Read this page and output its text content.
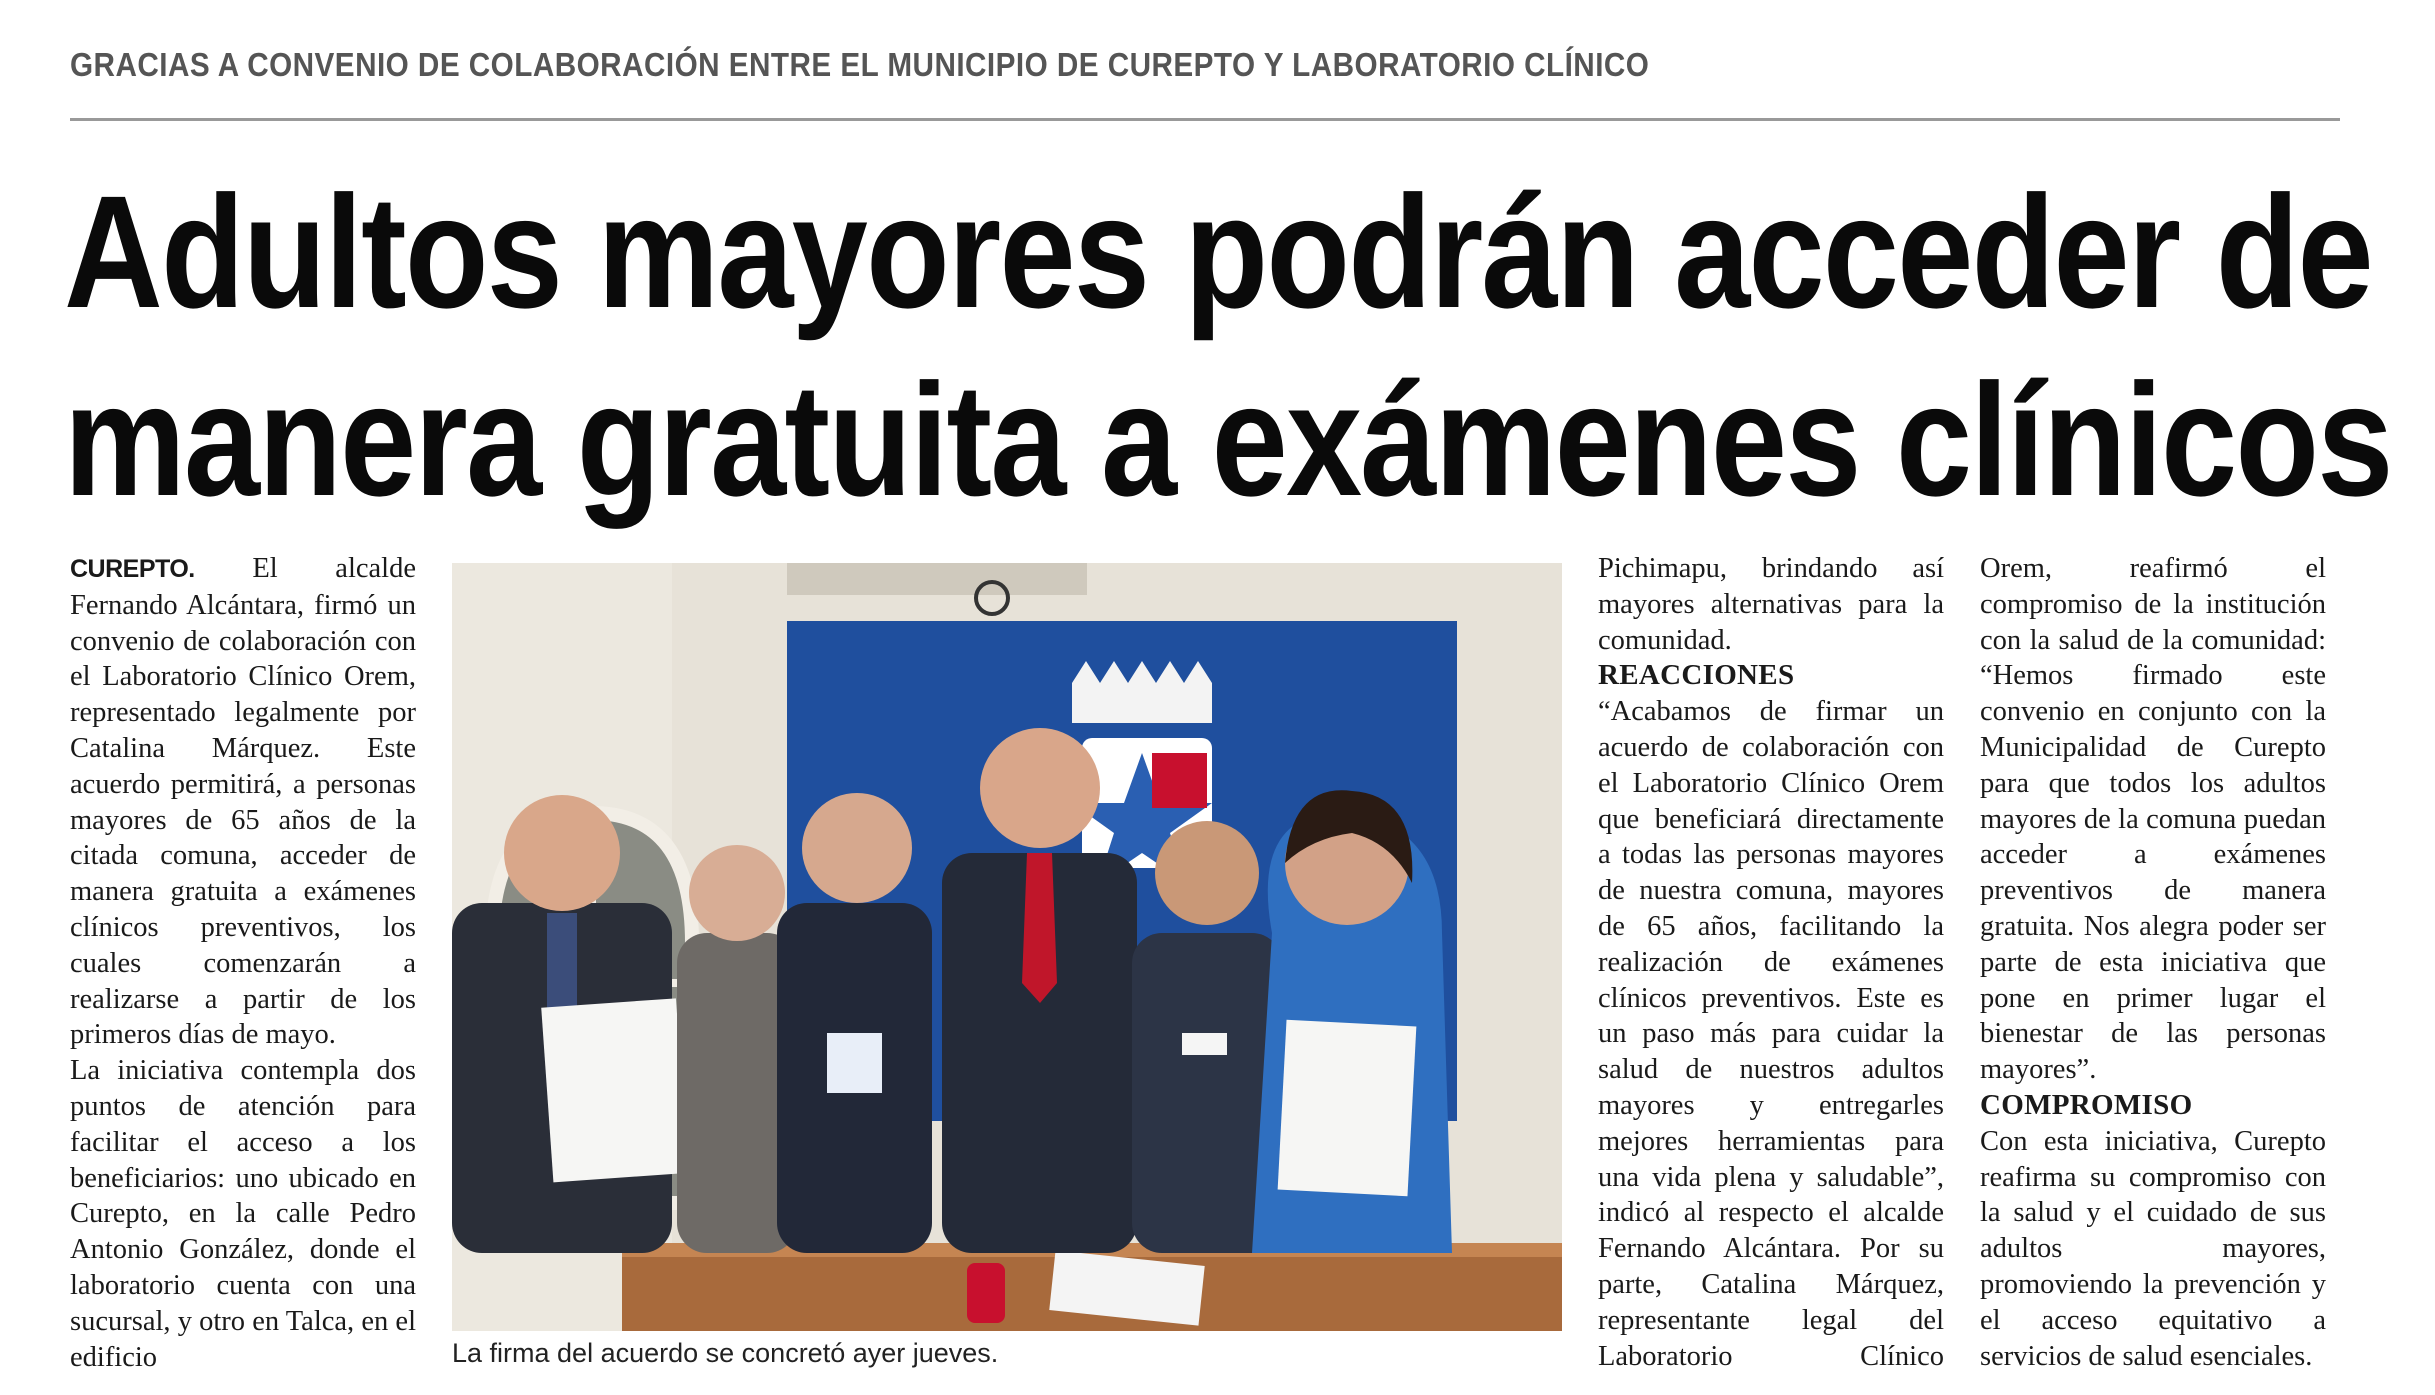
GRACIAS A CONVENIO DE COLABORACIÓN ENTRE EL MUNICIPIO DE CUREPTO Y LABORATORIO CLÍNICO
Adultos mayores podrán acceder de
manera gratuita a exámenes clínicos

CUREPTO. El alcalde Fernando Alcántara, firmó un convenio de colaboración con el Laboratorio Clínico Orem, representado legalmente por Catalina Márquez. Este acuerdo permitirá, a personas mayores de 65 años de la citada comuna, acceder de manera gratuita a exámenes clínicos preventivos, los cuales comenzarán a realizarse a partir de los primeros días de mayo.

La iniciativa contempla dos puntos de atención para facilitar el acceso a los beneficiarios: uno ubicado en Curepto, en la calle Pedro Antonio González, donde el laboratorio cuenta con una sucursal, y otro en Talca, en el edificio	La firma del acuerdo se concretó ayer jueves.

Pichimapu, brindando así mayores alternativas para la comunidad.

REACCIONES

“Acabamos de firmar un acuerdo de colaboración con el Laboratorio Clínico Orem que beneficiará directamente a todas las personas mayores de nuestra comuna, mayores de 65 años, facilitando la realización de exámenes clínicos preventivos. Este es un paso más para cuidar la salud de nuestros adultos mayores y entregarles mejores herramientas para una vida plena y saludable”, indicó al respecto el alcalde Fernando Alcántara. Por su parte, Catalina Márquez, representante legal del Laboratorio Clínico

Orem, reafirmó el compromiso de la institución con la salud de la comunidad: “Hemos firmado este convenio en conjunto con la Municipalidad de Curepto para que todos los adultos mayores de la comuna puedan acceder a exámenes preventivos de manera gratuita. Nos alegra poder ser parte de esta iniciativa que pone en primer lugar el bienestar de las personas mayores”.

COMPROMISO

Con esta iniciativa, Curepto reafirma su compromiso con la salud y el cuidado de sus adultos mayores, promoviendo la prevención y el acceso equitativo a servicios de salud esenciales.
